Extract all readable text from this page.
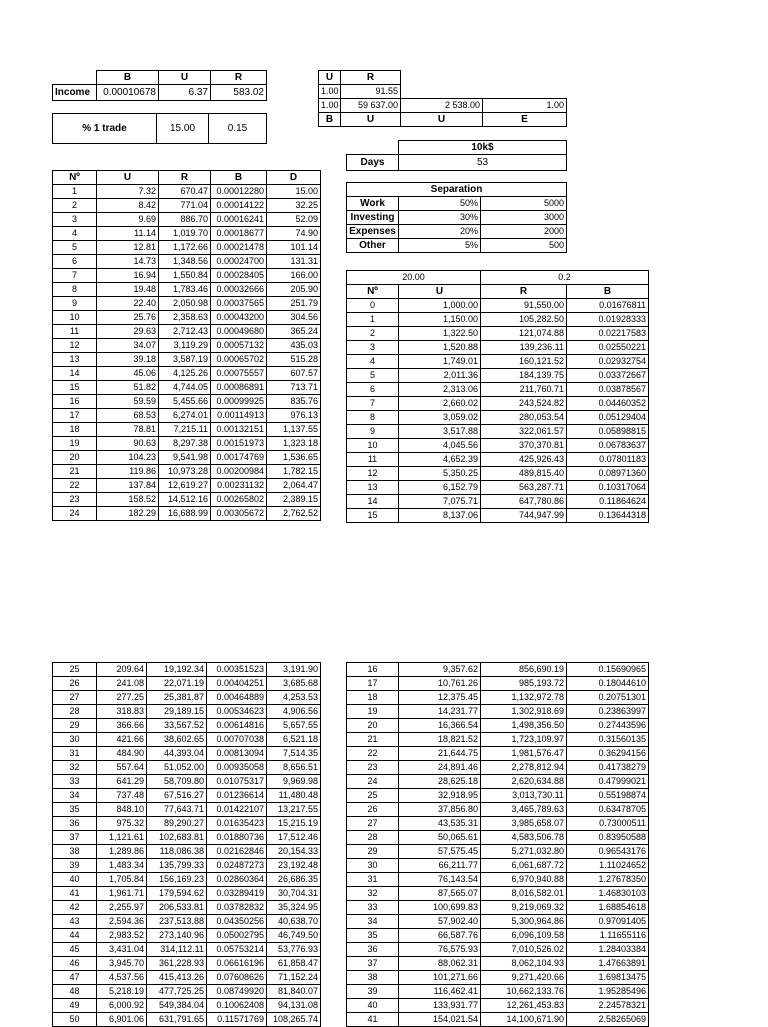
	B	U	R
Income	0.00010678	6.37	583.02
% 1 trade	15.00	0.15
U	R		
1.00	91.55		
1.00	59 637.00	2 538.00	1.00
B	U	U	E
	10k$
Days	53
Separation		
Work	50%	5000
Investing	30%	3000
Expenses	20%	2000
Other	5%	500
Nº	U	R	B	D
1	7.32	670.47	0.00012280	15.00
2	8.42	771.04	0.00014122	32.25
3	9.69	886.70	0.00016241	52.09
4	11.14	1,019.70	0.00018677	74.90
5	12.81	1,172.66	0.00021478	101.14
6	14.73	1,348.56	0.00024700	131.31
7	16.94	1,550.84	0.00028405	166.00
8	19.48	1,783.46	0.00032666	205.90
9	22.40	2,050.98	0.00037565	251.79
10	25.76	2,358.63	0.00043200	304.56
11	29.63	2,712.43	0.00049680	365.24
12	34.07	3,119.29	0.00057132	435.03
13	39.18	3,587.19	0.00065702	515.28
14	45.06	4,125.26	0.00075557	607.57
15	51.82	4,744.05	0.00086891	713.71
16	59.59	5,455.66	0.00099925	835.76
17	68.53	6,274.01	0.00114913	976.13
18	78.81	7,215.11	0.00132151	1,137.55
19	90.63	8,297.38	0.00151973	1,323.18
20	104.23	9,541.98	0.00174769	1,536.65
21	119.86	10,973.28	0.00200984	1,782.15
22	137.84	12,619.27	0.00231132	2,064.47
23	158.52	14,512.16	0.00265802	2,389.15
24	182.29	16,688.99	0.00305672	2,762.52
20.00		0.2	
Nº	U	R	B
0	1,000.00	91,550.00	0.01676811
1	1,150.00	105,282.50	0.01928333
2	1,322.50	121,074.88	0.02217583
3	1,520.88	139,236.11	0.02550221
4	1,749.01	160,121.52	0.02932754
5	2,011.36	184,139.75	0.03372667
6	2,313.06	211,760.71	0.03878567
7	2,660.02	243,524.82	0.04460352
8	3,059.02	280,053.54	0.05129404
9	3,517.88	322,061.57	0.05898815
10	4,045.56	370,370.81	0.06783637
11	4,652.39	425,926.43	0.07801183
12	5,350.25	489,815.40	0.08971360
13	6,152.79	563,287.71	0.10317064
14	7,075.71	647,780.86	0.11864624
15	8,137.06	744,947.99	0.13644318
25	209.64	19,192.34	0.00351523	3,191.90
26	241.08	22,071.19	0.00404251	3,685.68
27	277.25	25,381.87	0.00464889	4,253.53
28	318.83	29,189.15	0.00534623	4,906.56
29	366.66	33,567.52	0.00614816	5,657.55
30	421.66	38,602.65	0.00707038	6,521.18
31	484.90	44,393.04	0.00813094	7,514.35
32	557.64	51,052.00	0.00935058	8,656.51
33	641.29	58,709.80	0.01075317	9,969.98
34	737.48	67,516.27	0.01236614	11,480.48
35	848.10	77,643.71	0.01422107	13,217.55
36	975.32	89,290.27	0.01635423	15,215.19
37	1,121.61	102,683.81	0.01880736	17,512.46
38	1,289.86	118,086.38	0.02162846	20,154.33
39	1,483.34	135,799.33	0.02487273	23,192.48
40	1,705.84	156,169.23	0.02860364	26,686.35
41	1,961.71	179,594.62	0.03289419	30,704.31
42	2,255.97	206,533.81	0.03782832	35,324.95
43	2,594.36	237,513.88	0.04350256	40,638.70
44	2,983.52	273,140.96	0.05002795	46,749.50
45	3,431.04	314,112.11	0.05753214	53,776.93
46	3,945.70	361,228.93	0.06616196	61,858.47
47	4,537.56	415,413.26	0.07608626	71,152.24
48	5,218.19	477,725.25	0.08749920	81,840.07
49	6,000.92	549,384.04	0.10062408	94,131.08
50	6,901.06	631,791.65	0.11571769	108,265.74
16	9,357.62	856,690.19	0.15690965
17	10,761.26	985,193.72	0.18044610
18	12,375.45	1,132,972.78	0.20751301
19	14,231.77	1,302,918.69	0.23863997
20	16,366.54	1,498,356.50	0.27443596
21	18,821.52	1,723,109.97	0.31560135
22	21,644.75	1,981,576.47	0.36294156
23	24,891.46	2,278,812.94	0.41738279
24	28,625.18	2,620,634.88	0.47999021
25	32,918.95	3,013,730.11	0.55198874
26	37,856.80	3,465,789.63	0.63478705
27	43,535.31	3,985,658.07	0.73000511
28	50,065.61	4,583,506.78	0.83950588
29	57,575.45	5,271,032.80	0.96543176
30	66,211.77	6,061,687.72	1.11024652
31	76,143.54	6,970,940.88	1.27678350
32	87,565.07	8,016,582.01	1.46830103
33	100,699.83	9,219,069.32	1.68854618
34	57,902.40	5,300,964.86	0.97091405
35	66,587.76	6,096,109.58	1.11655116
36	76,575.93	7,010,526.02	1.28403384
37	88,062.31	8,062,104.93	1.47663891
38	101,271.66	9,271,420.66	1.69813475
39	116,462.41	10,662,133.76	1.95285496
40	133,931.77	12,261,453.83	2.24578321
41	154,021.54	14,100,671.90	2.58265069
